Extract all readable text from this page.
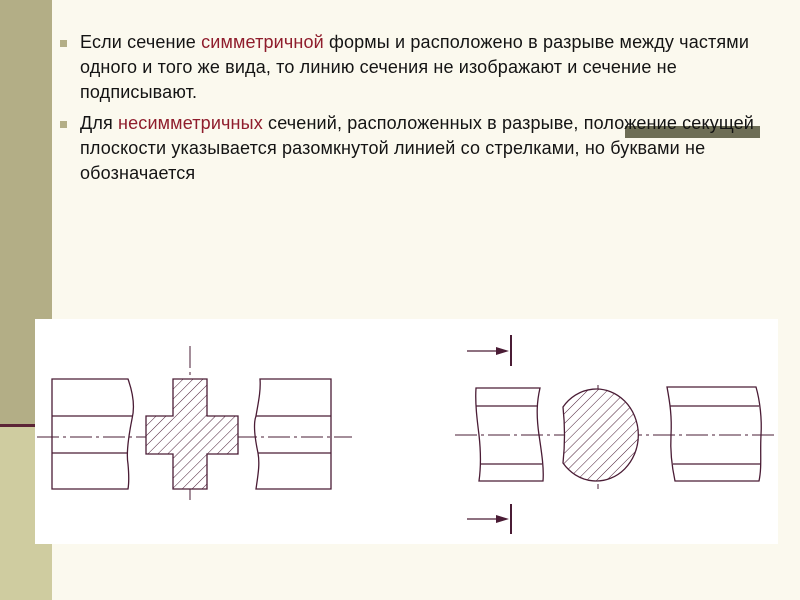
Если сечение симметричной формы и расположено в разрыве между частями одного и того же вида, то линию сечения не изображают и сечение не подписывают.
Для несимметричных сечений, расположенных в разрыве, положение секущей плоскости указывается разомкнутой линией со стрелками, но буквами не обозначается
